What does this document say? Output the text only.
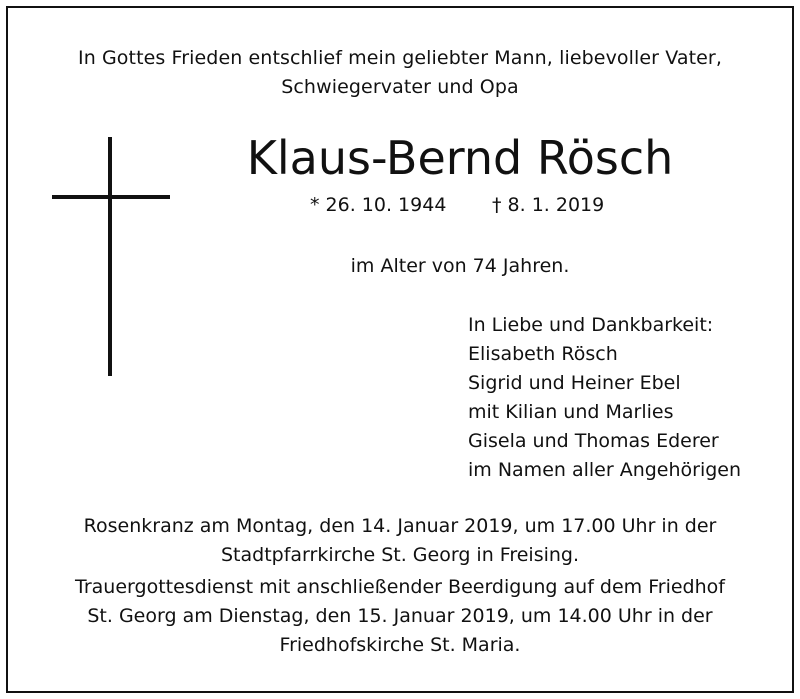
In Gottes Frieden entschlief mein geliebter Mann, liebevoller Vater,
Schwiegervater und Opa
Klaus-Bernd Rösch
* 26. 10. 1944 † 8. 1. 2019
im Alter von 74 Jahren.
In Liebe und Dankbarkeit:
Elisabeth Rösch
Sigrid und Heiner Ebel
mit Kilian und Marlies
Gisela und Thomas Ederer
im Namen aller Angehörigen
Rosenkranz am Montag, den 14. Januar 2019, um 17.00 Uhr in der
Stadtpfarrkirche St. Georg in Freising.
Trauergottesdienst mit anschließender Beerdigung auf dem Friedhof
St. Georg am Dienstag, den 15. Januar 2019, um 14.00 Uhr in der
Friedhofskirche St. Maria.
